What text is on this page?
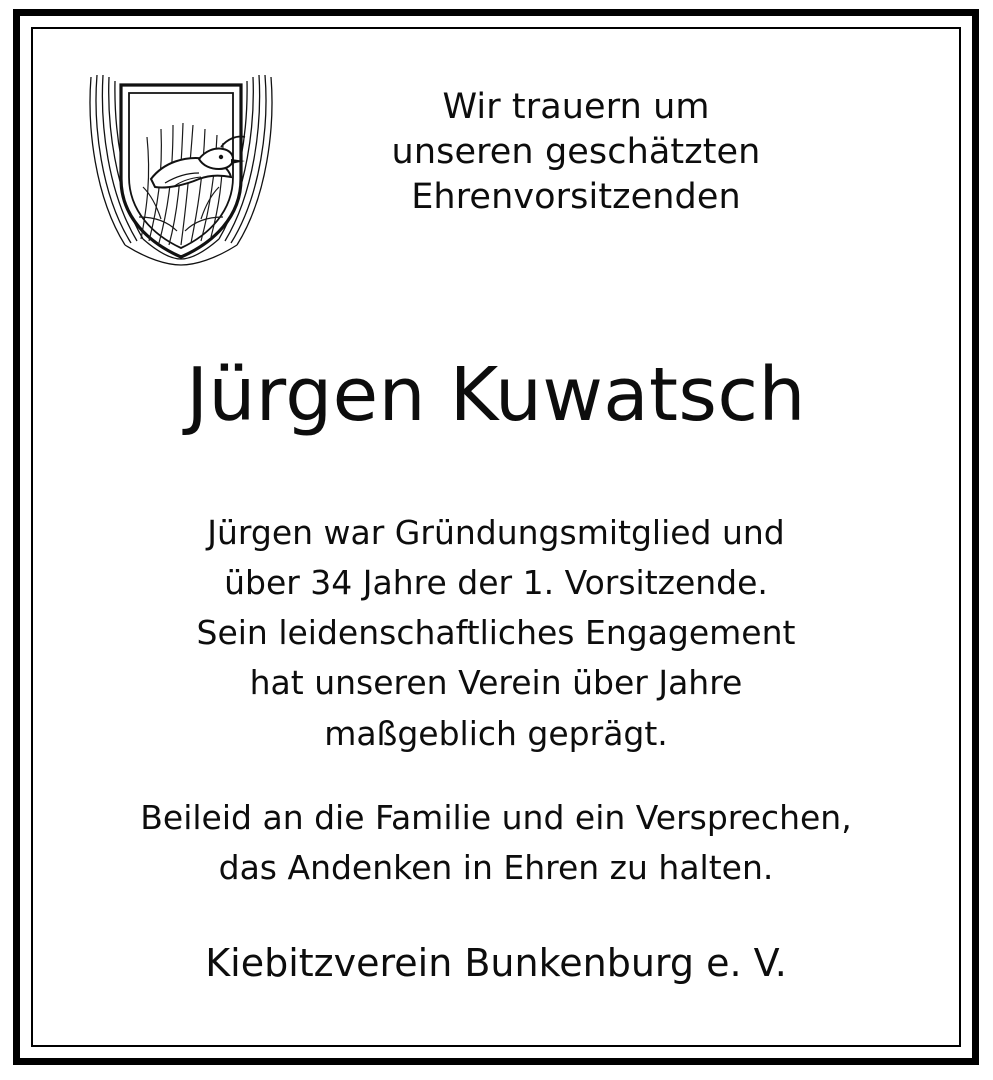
Wir trauern um
unseren geschätzten
Ehrenvorsitzenden
Jürgen Kuwatsch
Jürgen war Gründungsmitglied und
über 34 Jahre der 1. Vorsitzende.
Sein leidenschaftliches Engagement
hat unseren Verein über Jahre
maßgeblich geprägt.
Beileid an die Familie und ein Versprechen,
das Andenken in Ehren zu halten.
Kiebitzverein Bunkenburg e. V.
